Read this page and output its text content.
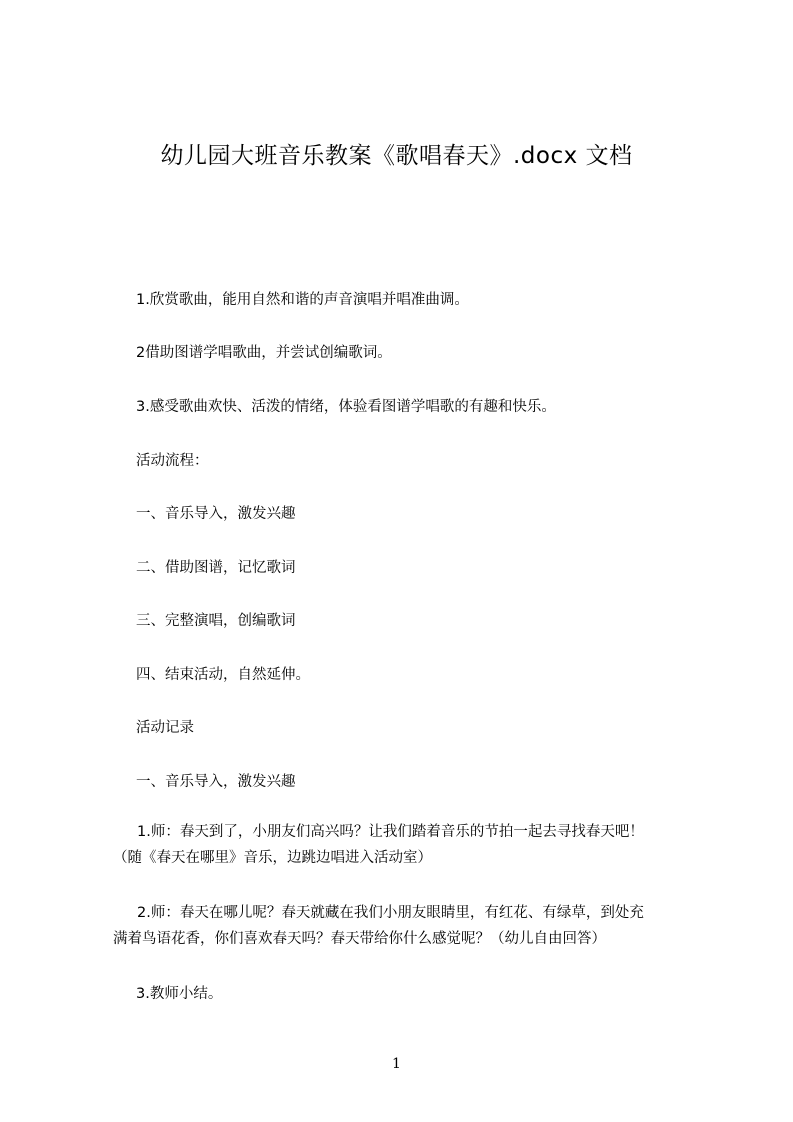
幼儿园大班音乐教案《歌唱春天》.docx 文档
1.欣赏歌曲，能用自然和谐的声音演唱并唱准曲调。
2借助图谱学唱歌曲，并尝试创编歌词。
3.感受歌曲欢快、活泼的情绪，体验看图谱学唱歌的有趣和快乐。
活动流程：
一、音乐导入，激发兴趣
二、借助图谱，记忆歌词
三、完整演唱，创编歌词
四、结束活动，自然延伸。
活动记录
一、音乐导入，激发兴趣
1.师：春天到了，小朋友们高兴吗？让我们踏着音乐的节拍一起去寻找春天吧！
（随《春天在哪里》音乐，边跳边唱进入活动室）
2.师：春天在哪儿呢？春天就藏在我们小朋友眼睛里，有红花、有绿草，到处充
满着鸟语花香，你们喜欢春天吗？春天带给你什么感觉呢？（幼儿自由回答）
3.教师小结。
1
